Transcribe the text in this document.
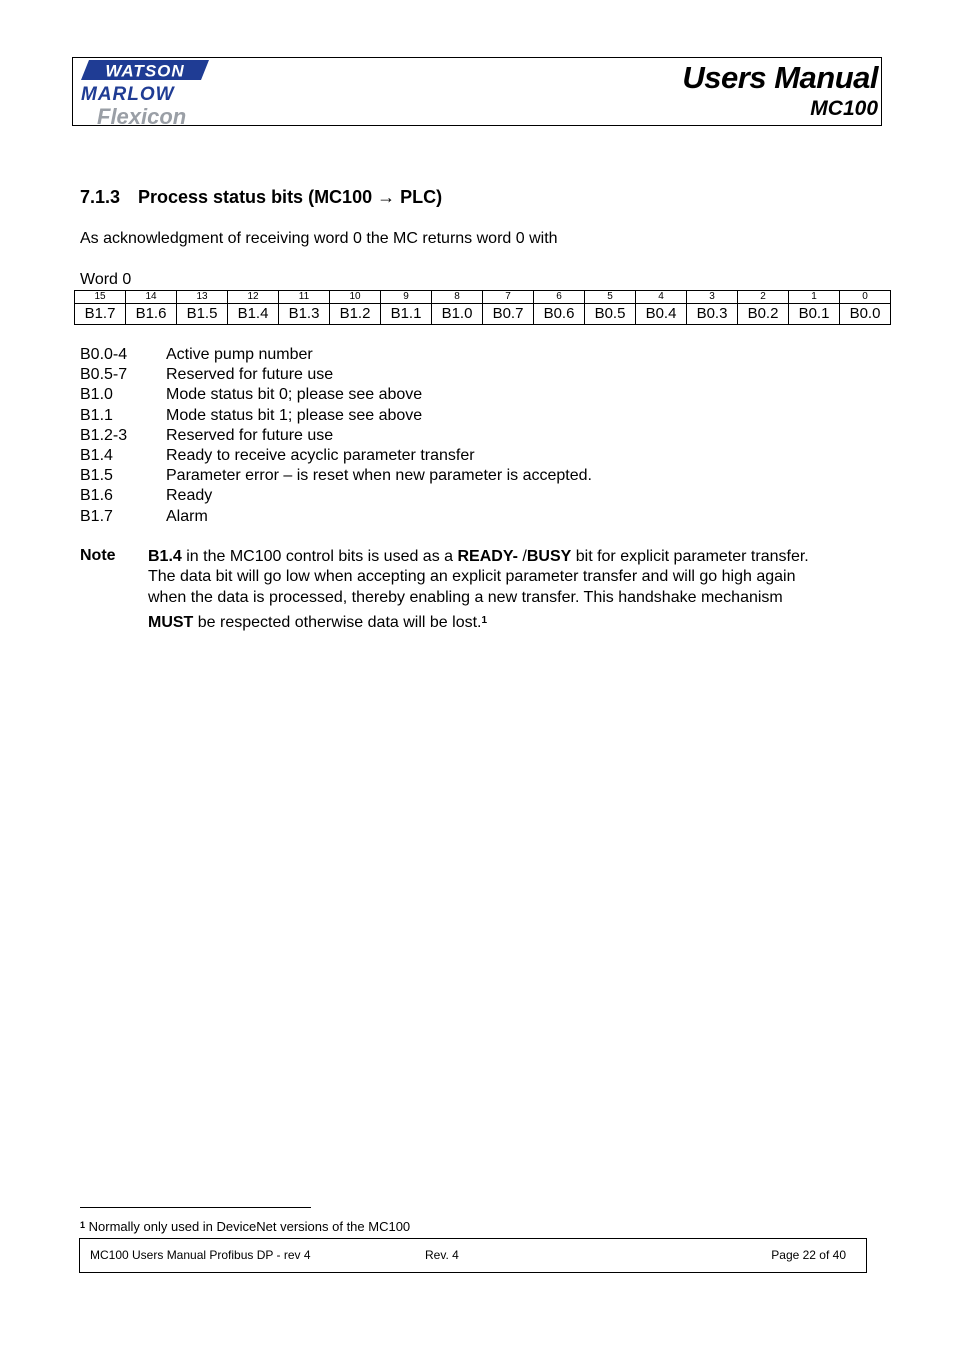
WATSON
MARLOW
Flexicon
Users Manual
MC100
7.1.3 Process status bits (MC100 → PLC)
As acknowledgment of receiving word 0 the MC returns word 0 with
Word 0
15	14	13	12	11	10	9	8	7	6	5	4	3	2	1	0
B1.7	B1.6	B1.5	B1.4	B1.3	B1.2	B1.1	B1.0	B0.7	B0.6	B0.5	B0.4	B0.3	B0.2	B0.1	B0.0
B0.0-4 Active pump number
B0.5-7 Reserved for future use
B1.0	Mode status bit 0; please see above
B1.1	Mode status bit 1; please see above
B1.2-3 Reserved for future use
B1.4	Ready to receive acyclic parameter transfer
B1.5	Parameter error – is reset when new parameter is accepted.
B1.6	Ready
B1.7	Alarm
Note B1.4 in the MC100 control bits is used as a READY- /BUSY bit for explicit parameter transfer.

The data bit will go low when accepting an explicit parameter transfer and will go high again

when the data is processed, thereby enabling a new transfer. This handshake mechanism

MUST be respected otherwise data will be lost.$^1$

$^1$ Normally only used in DeviceNet versions of the MC100
MC100 Users Manual Profibus DP - rev 4	Rev. 4	Page 22 of 40
